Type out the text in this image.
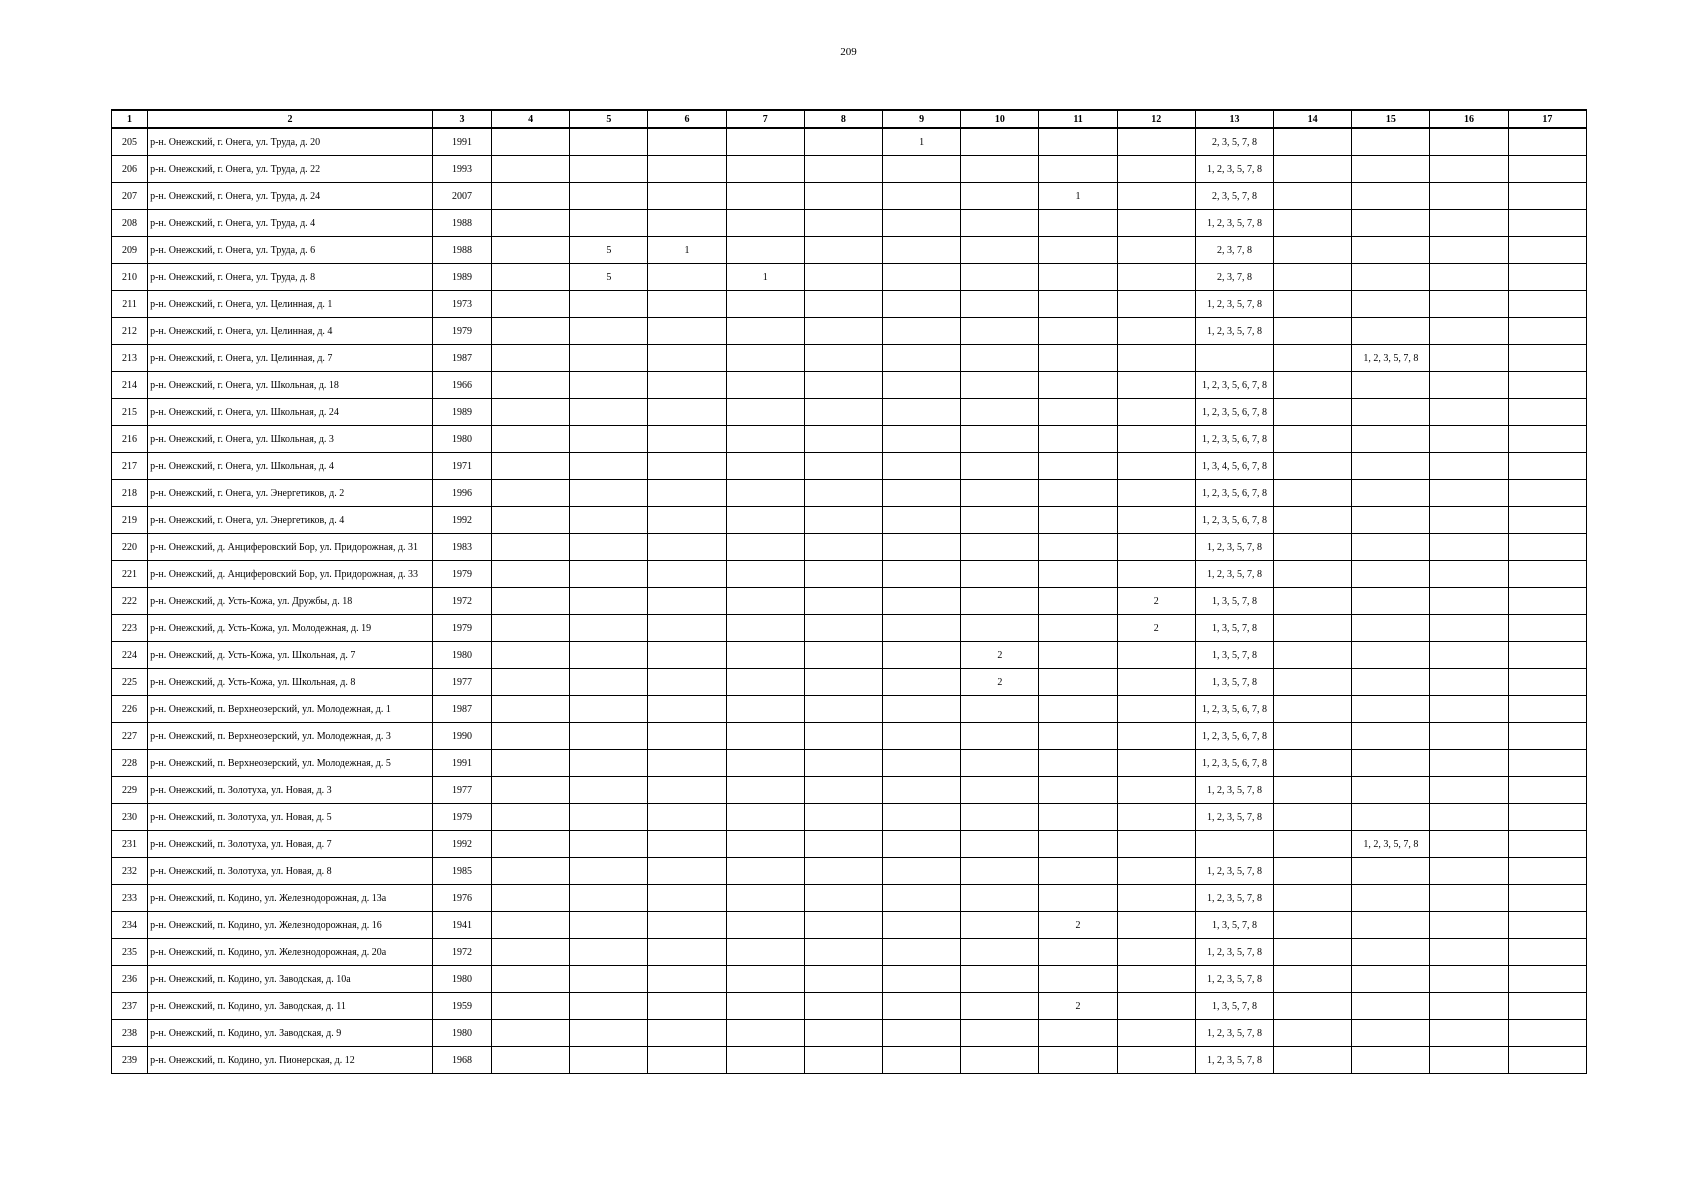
209
1	2	3	4	5	6	7	8	9	10	11	12	13	14	15	16	17
205	р-н. Онежский, г. Онега, ул. Труда, д. 20	1991						1				2, 3, 5, 7, 8				
206	р-н. Онежский, г. Онега, ул. Труда, д. 22	1993										1, 2, 3, 5, 7, 8				
207	р-н. Онежский, г. Онега, ул. Труда, д. 24	2007								1		2, 3, 5, 7, 8				
208	р-н. Онежский, г. Онега, ул. Труда, д. 4	1988										1, 2, 3, 5, 7, 8				
209	р-н. Онежский, г. Онега, ул. Труда, д. 6	1988		5	1							2, 3, 7, 8				
210	р-н. Онежский, г. Онега, ул. Труда, д. 8	1989		5		1						2, 3, 7, 8				
211	р-н. Онежский, г. Онега, ул. Целинная, д. 1	1973										1, 2, 3, 5, 7, 8				
212	р-н. Онежский, г. Онега, ул. Целинная, д. 4	1979										1, 2, 3, 5, 7, 8				
213	р-н. Онежский, г. Онега, ул. Целинная, д. 7	1987												1, 2, 3, 5, 7, 8		
214	р-н. Онежский, г. Онега, ул. Школьная, д. 18	1966										1, 2, 3, 5, 6, 7, 8				
215	р-н. Онежский, г. Онега, ул. Школьная, д. 24	1989										1, 2, 3, 5, 6, 7, 8				
216	р-н. Онежский, г. Онега, ул. Школьная, д. 3	1980										1, 2, 3, 5, 6, 7, 8				
217	р-н. Онежский, г. Онега, ул. Школьная, д. 4	1971										1, 3, 4, 5, 6, 7, 8				
218	р-н. Онежский, г. Онега, ул. Энергетиков, д. 2	1996										1, 2, 3, 5, 6, 7, 8				
219	р-н. Онежский, г. Онега, ул. Энергетиков, д. 4	1992										1, 2, 3, 5, 6, 7, 8				
220	р-н. Онежский, д. Анциферовский Бор, ул. Придорожная, д. 31	1983										1, 2, 3, 5, 7, 8				
221	р-н. Онежский, д. Анциферовский Бор, ул. Придорожная, д. 33	1979										1, 2, 3, 5, 7, 8				
222	р-н. Онежский, д. Усть-Кожа, ул. Дружбы, д. 18	1972									2	1, 3, 5, 7, 8				
223	р-н. Онежский, д. Усть-Кожа, ул. Молодежная, д. 19	1979									2	1, 3, 5, 7, 8				
224	р-н. Онежский, д. Усть-Кожа, ул. Школьная, д. 7	1980							2			1, 3, 5, 7, 8				
225	р-н. Онежский, д. Усть-Кожа, ул. Школьная, д. 8	1977							2			1, 3, 5, 7, 8				
226	р-н. Онежский, п. Верхнеозерский, ул. Молодежная, д. 1	1987										1, 2, 3, 5, 6, 7, 8				
227	р-н. Онежский, п. Верхнеозерский, ул. Молодежная, д. 3	1990										1, 2, 3, 5, 6, 7, 8				
228	р-н. Онежский, п. Верхнеозерский, ул. Молодежная, д. 5	1991										1, 2, 3, 5, 6, 7, 8				
229	р-н. Онежский, п. Золотуха, ул. Новая, д. 3	1977										1, 2, 3, 5, 7, 8				
230	р-н. Онежский, п. Золотуха, ул. Новая, д. 5	1979										1, 2, 3, 5, 7, 8				
231	р-н. Онежский, п. Золотуха, ул. Новая, д. 7	1992												1, 2, 3, 5, 7, 8		
232	р-н. Онежский, п. Золотуха, ул. Новая, д. 8	1985										1, 2, 3, 5, 7, 8				
233	р-н. Онежский, п. Кодино, ул. Железнодорожная, д. 13а	1976										1, 2, 3, 5, 7, 8				
234	р-н. Онежский, п. Кодино, ул. Железнодорожная, д. 16	1941								2		1, 3, 5, 7, 8				
235	р-н. Онежский, п. Кодино, ул. Железнодорожная, д. 20а	1972										1, 2, 3, 5, 7, 8				
236	р-н. Онежский, п. Кодино, ул. Заводская, д. 10а	1980										1, 2, 3, 5, 7, 8				
237	р-н. Онежский, п. Кодино, ул. Заводская, д. 11	1959								2		1, 3, 5, 7, 8				
238	р-н. Онежский, п. Кодино, ул. Заводская, д. 9	1980										1, 2, 3, 5, 7, 8				
239	р-н. Онежский, п. Кодино, ул. Пионерская, д. 12	1968										1, 2, 3, 5, 7, 8				
